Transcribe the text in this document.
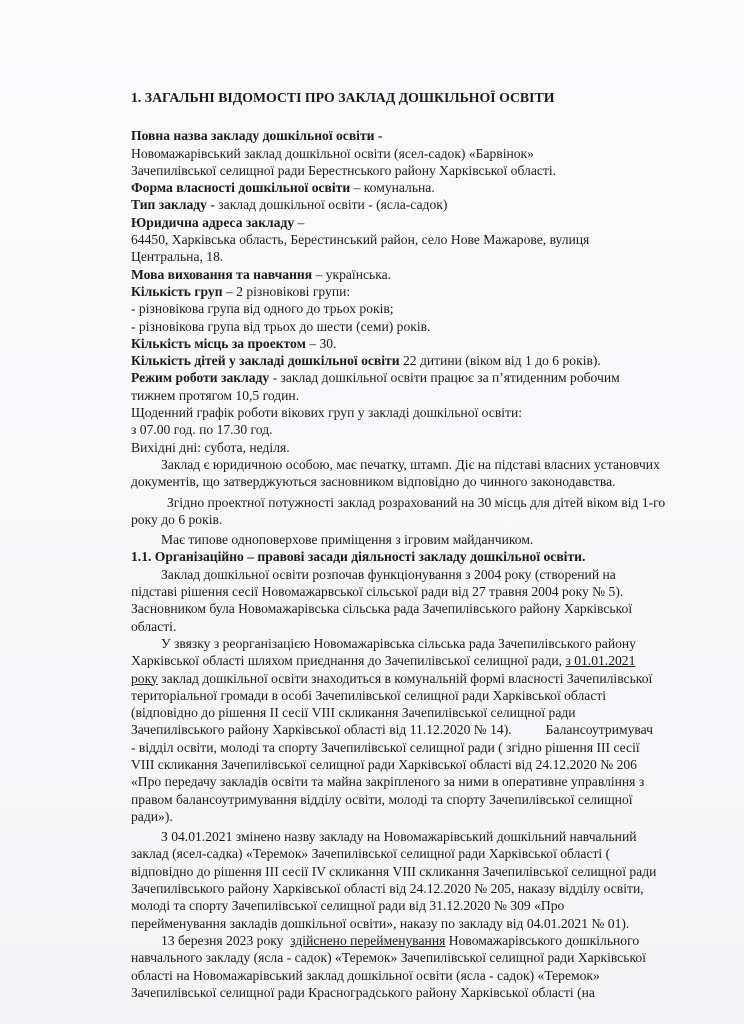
1. ЗАГАЛЬНІ ВІДОМОСТІ ПРО ЗАКЛАД ДОШКІЛЬНОЇ ОСВІТИ

Повна назва закладу дошкільної освіти -

Новомажарівський заклад дошкільної освіти (ясел-садок) «Барвінок»

Зачепилівської селищної ради Берестнського району Харківської області.

Форма власності дошкільної освіти – комунальна.

Тип закладу - заклад дошкільної освіти - (ясла-садок)

Юридична адреса закладу –

64450, Харківська область, Берестинський район, село Нове Мажарове, вулиця

Центральна, 18.

Мова виховання та навчання – українська.

Кількість груп – 2 різновікові групи:

- різновікова група від одного до трьох років;

- різновікова група від трьох до шести (семи) років.

Кількість місць за проектом – 30.

Кількість дітей у закладі дошкільної освіти 22 дитини (віком від 1 до 6 років).

Режим роботи закладу - заклад дошкільної освіти працює за п’ятиденним робочим

тижнем протягом 10,5 годин.

Щоденний графік роботи вікових груп у закладі дошкільної освіти:

з 07.00 год. по 17.30 год.

Вихідні дні: субота, неділя.

Заклад є юридичною особою, має печатку, штамп. Діє на підставі власних установчих

документів, що затверджуються засновником відповідно до чинного законодавства.

Згідно проектної потужності заклад розрахований на 30 місць для дітей віком від 1-го

року до 6 років.

Має типове одноповерхове приміщення з ігровим майданчиком.

1.1. Організаційно – правові засади діяльності закладу дошкільної освіти.

Заклад дошкільної освіти розпочав функціонування з 2004 року (створений на

підставі рішення сесії Новомажарвської сільської ради від 27 травня 2004 року № 5).

Засновником була Новомажарівська сільська рада Зачепилівського району Харківської

області.

У звязку з реорганізацією Новомажарівська сільська рада Зачепилівського району

Харківської області шляхом приєднання до Зачепилівської селищної ради, з 01.01.2021

року заклад дошкільної освіти знаходиться в комунальній формі власності Зачепилівської

територіальної громади в особі Зачепилівської селищної ради Харківської області

(відповідно до рішення ІІ сесії VIII скликання Зачепилівської селищної ради

Зачепилівського району Харківської області від 11.12.2020 № 14).          Балансоутримувач

- відділ освіти, молоді та спорту Зачепилівської селищної ради ( згідно рішення ІІІ сесії

VIII скликання Зачепилівської селищної ради Харківської області від 24.12.2020 № 206

«Про передачу закладів освіти та майна закріпленого за ними в оперативне управління з

правом балансоутримування відділу освіти, молоді та спорту Зачепилівської селищної

ради»).

З 04.01.2021 змінено назву закладу на Новомажарівський дошкільний навчальний

заклад (ясел-садка) «Теремок» Зачепилівської селищної ради Харківської області (

відповідно до рішення ІІІ сесії IV скликання VIII скликання Зачепилівської селищної ради

Зачепилівського району Харківської області від 24.12.2020 № 205, наказу відділу освіти,

молоді та спорту Зачепилівської селищної ради від 31.12.2020 № 309 «Про

перейменування закладів дошкільної освіти», наказу по закладу від 04.01.2021 № 01).

13 березня 2023 року  здійснено перейменування Новомажарівського дошкільного

навчального закладу (ясла - садок) «Теремок» Зачепилівської селищної ради Харківської

області на Новомажарівський заклад дошкільної освіти (ясла - садок) «Теремок»

Зачепилівської селищної ради Красноградського району Харківської області (на
